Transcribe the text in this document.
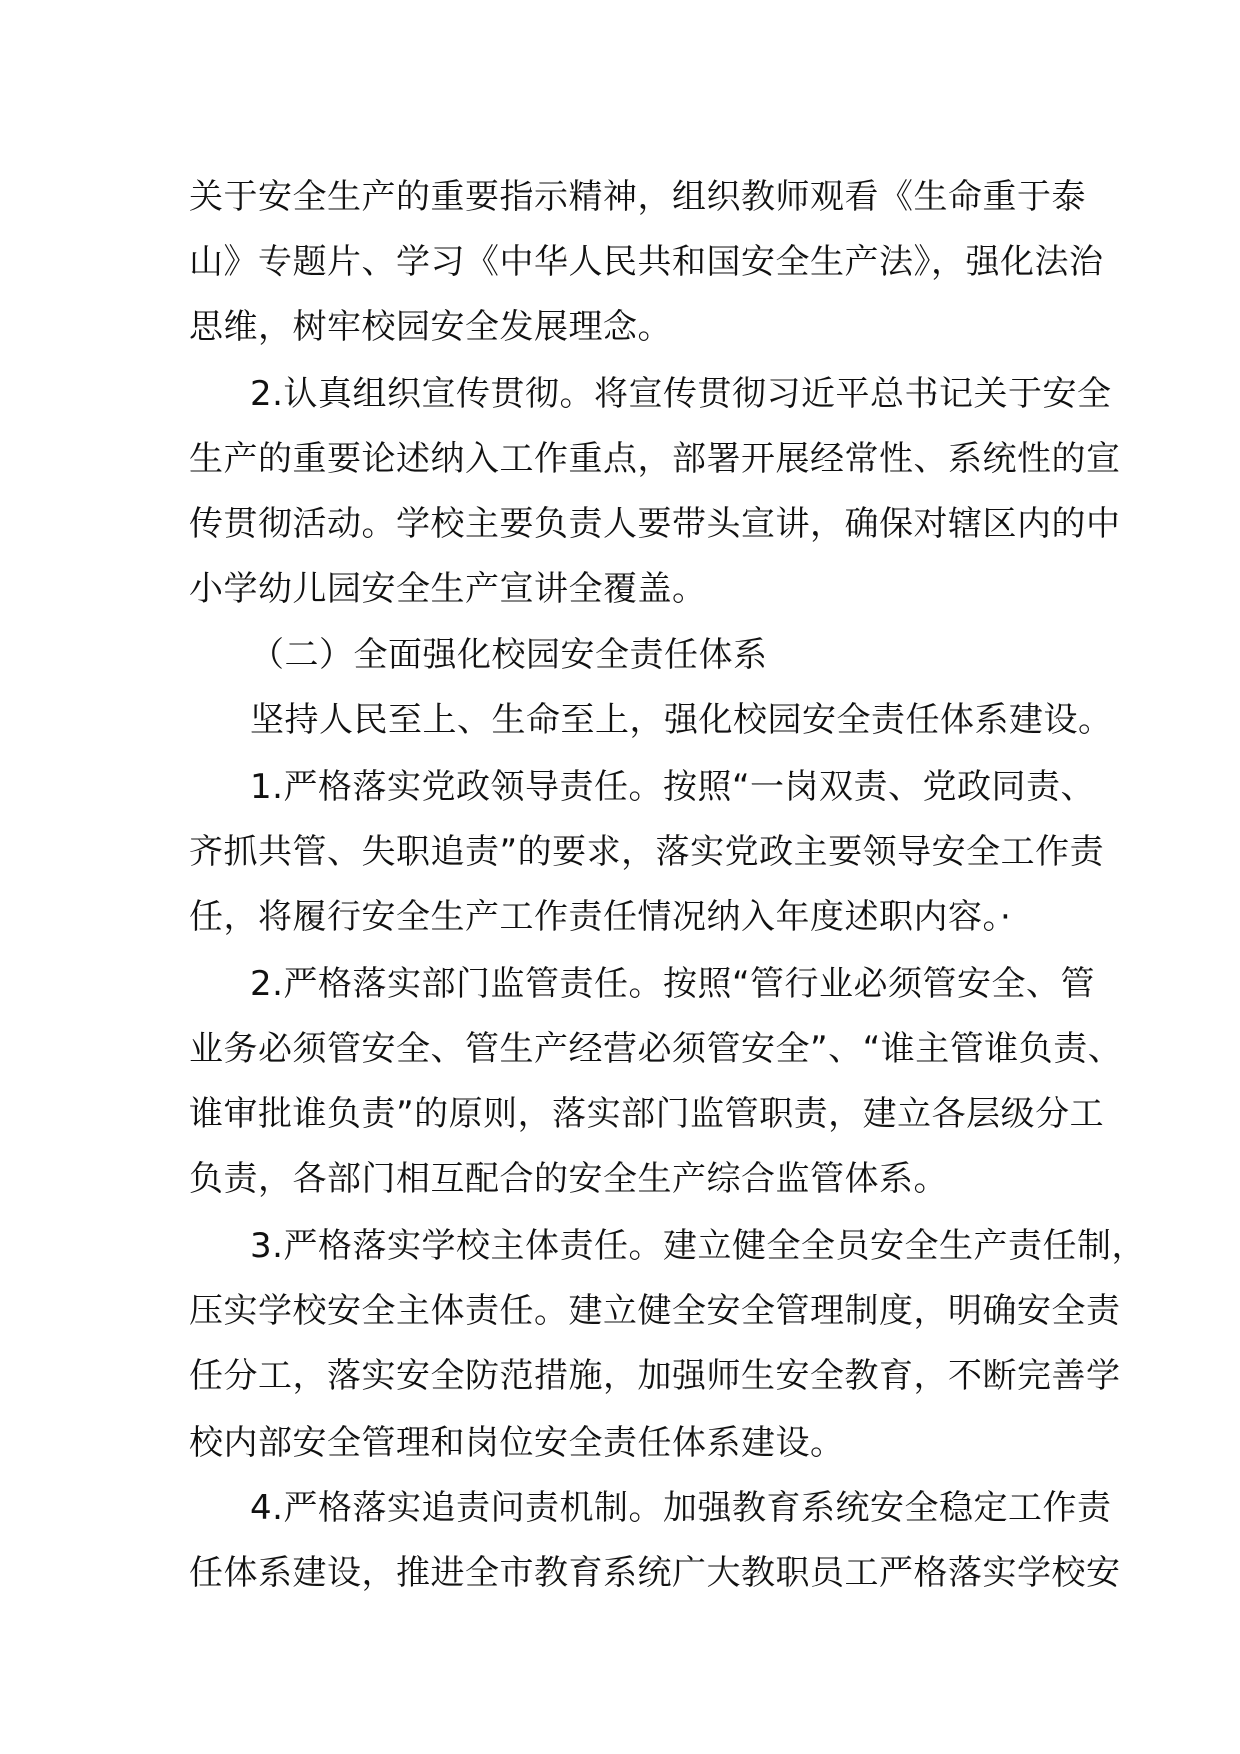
关于安全生产的重要指示精神，组织教师观看《生命重于泰
山》专题片、学习《中华人民共和国安全生产法》，强化法治
思维，树牢校园安全发展理念。
2.认真组织宣传贯彻。将宣传贯彻习近平总书记关于安全
生产的重要论述纳入工作重点，部署开展经常性、系统性的宣
传贯彻活动。学校主要负责人要带头宣讲，确保对辖区内的中
小学幼儿园安全生产宣讲全覆盖。
（二）全面强化校园安全责任体系
坚持人民至上、生命至上，强化校园安全责任体系建设。
1.严格落实党政领导责任。按照“一岗双责、党政同责、
齐抓共管、失职追责”的要求，落实党政主要领导安全工作责
任，将履行安全生产工作责任情况纳入年度述职内容。·
2.严格落实部门监管责任。按照“管行业必须管安全、管
业务必须管安全、管生产经营必须管安全”、“谁主管谁负责、
谁审批谁负责”的原则，落实部门监管职责，建立各层级分工
负责，各部门相互配合的安全生产综合监管体系。
3.严格落实学校主体责任。建立健全全员安全生产责任制，
压实学校安全主体责任。建立健全安全管理制度，明确安全责
任分工，落实安全防范措施，加强师生安全教育，不断完善学
校内部安全管理和岗位安全责任体系建设。
4.严格落实追责问责机制。加强教育系统安全稳定工作责
任体系建设，推进全市教育系统广大教职员工严格落实学校安
